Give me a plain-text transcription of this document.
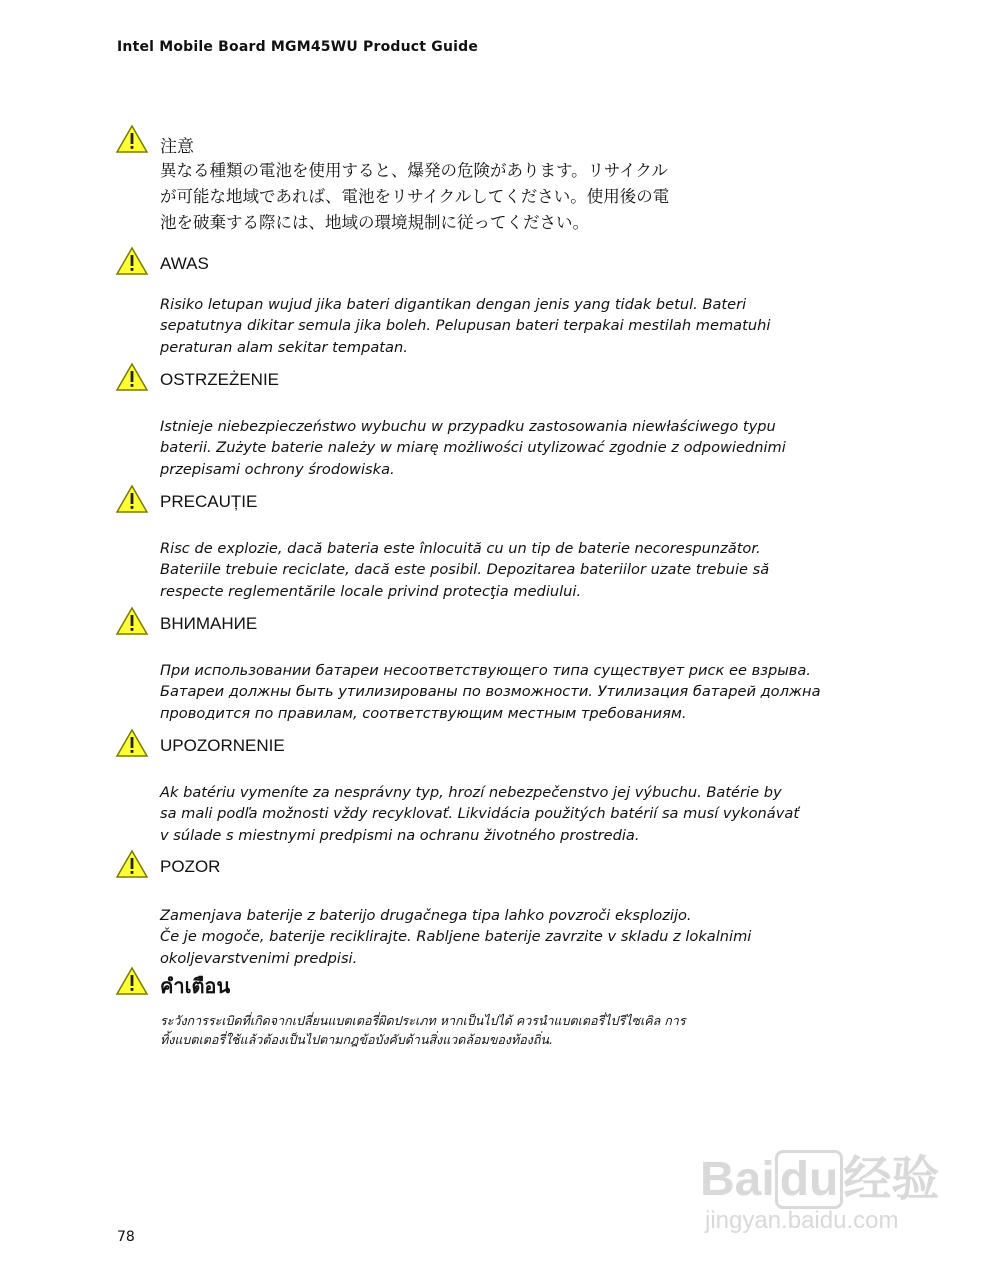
Intel Mobile Board MGM45WU Product Guide
注意
異なる種類の電池を使用すると、爆発の危険があります。リサイクル
が可能な地域であれば、電池をリサイクルしてください。使用後の電
池を破棄する際には、地域の環境規制に従ってください。
AWAS
Risiko letupan wujud jika bateri digantikan dengan jenis yang tidak betul. Bateri
sepatutnya dikitar semula jika boleh. Pelupusan bateri terpakai mestilah mematuhi
peraturan alam sekitar tempatan.
OSTRZEŻENIE
Istnieje niebezpieczeństwo wybuchu w przypadku zastosowania niewłaściwego typu
baterii. Zużyte baterie należy w miarę możliwości utylizować zgodnie z odpowiednimi
przepisami ochrony środowiska.
PRECAUȚIE
Risc de explozie, dacă bateria este înlocuită cu un tip de baterie necorespunzător.
Bateriile trebuie reciclate, dacă este posibil. Depozitarea bateriilor uzate trebuie să
respecte reglementările locale privind protecţia mediului.
ВНИМАНИЕ
При использовании батареи несоответствующего типа существует риск ее взрыва.
Батареи должны быть утилизированы по возможности. Утилизация батарей должна
проводится по правилам, соответствующим местным требованиям.
UPOZORNENIE
Ak batériu vymeníte za nesprávny typ, hrozí nebezpečenstvo jej výbuchu. Batérie by
sa mali podľa možnosti vždy recyklovať. Likvidácia použitých batérií sa musí vykonávať
v súlade s miestnymi predpismi na ochranu životného prostredia.
POZOR
Zamenjava baterije z baterijo drugačnega tipa lahko povzroči eksplozijo.
Če je mogoče, baterije reciklirajte. Rabljene baterije zavrzite v skladu z lokalnimi
okoljevarstvenimi predpisi.
คำเตือน
ระวังการระเบิดที่เกิดจากเปลี่ยนแบตเตอรี่ผิดประเภท หากเป็นไปได้ ควรนำแบตเตอรี่ไปรีไซเคิล การ
ทิ้งแบตเตอรี่ใช้แล้วต้องเป็นไปตามกฎข้อบังคับด้านสิ่งแวดล้อมของท้องถิ่น.
78
Bai du 经验
jingyan.baidu.com
